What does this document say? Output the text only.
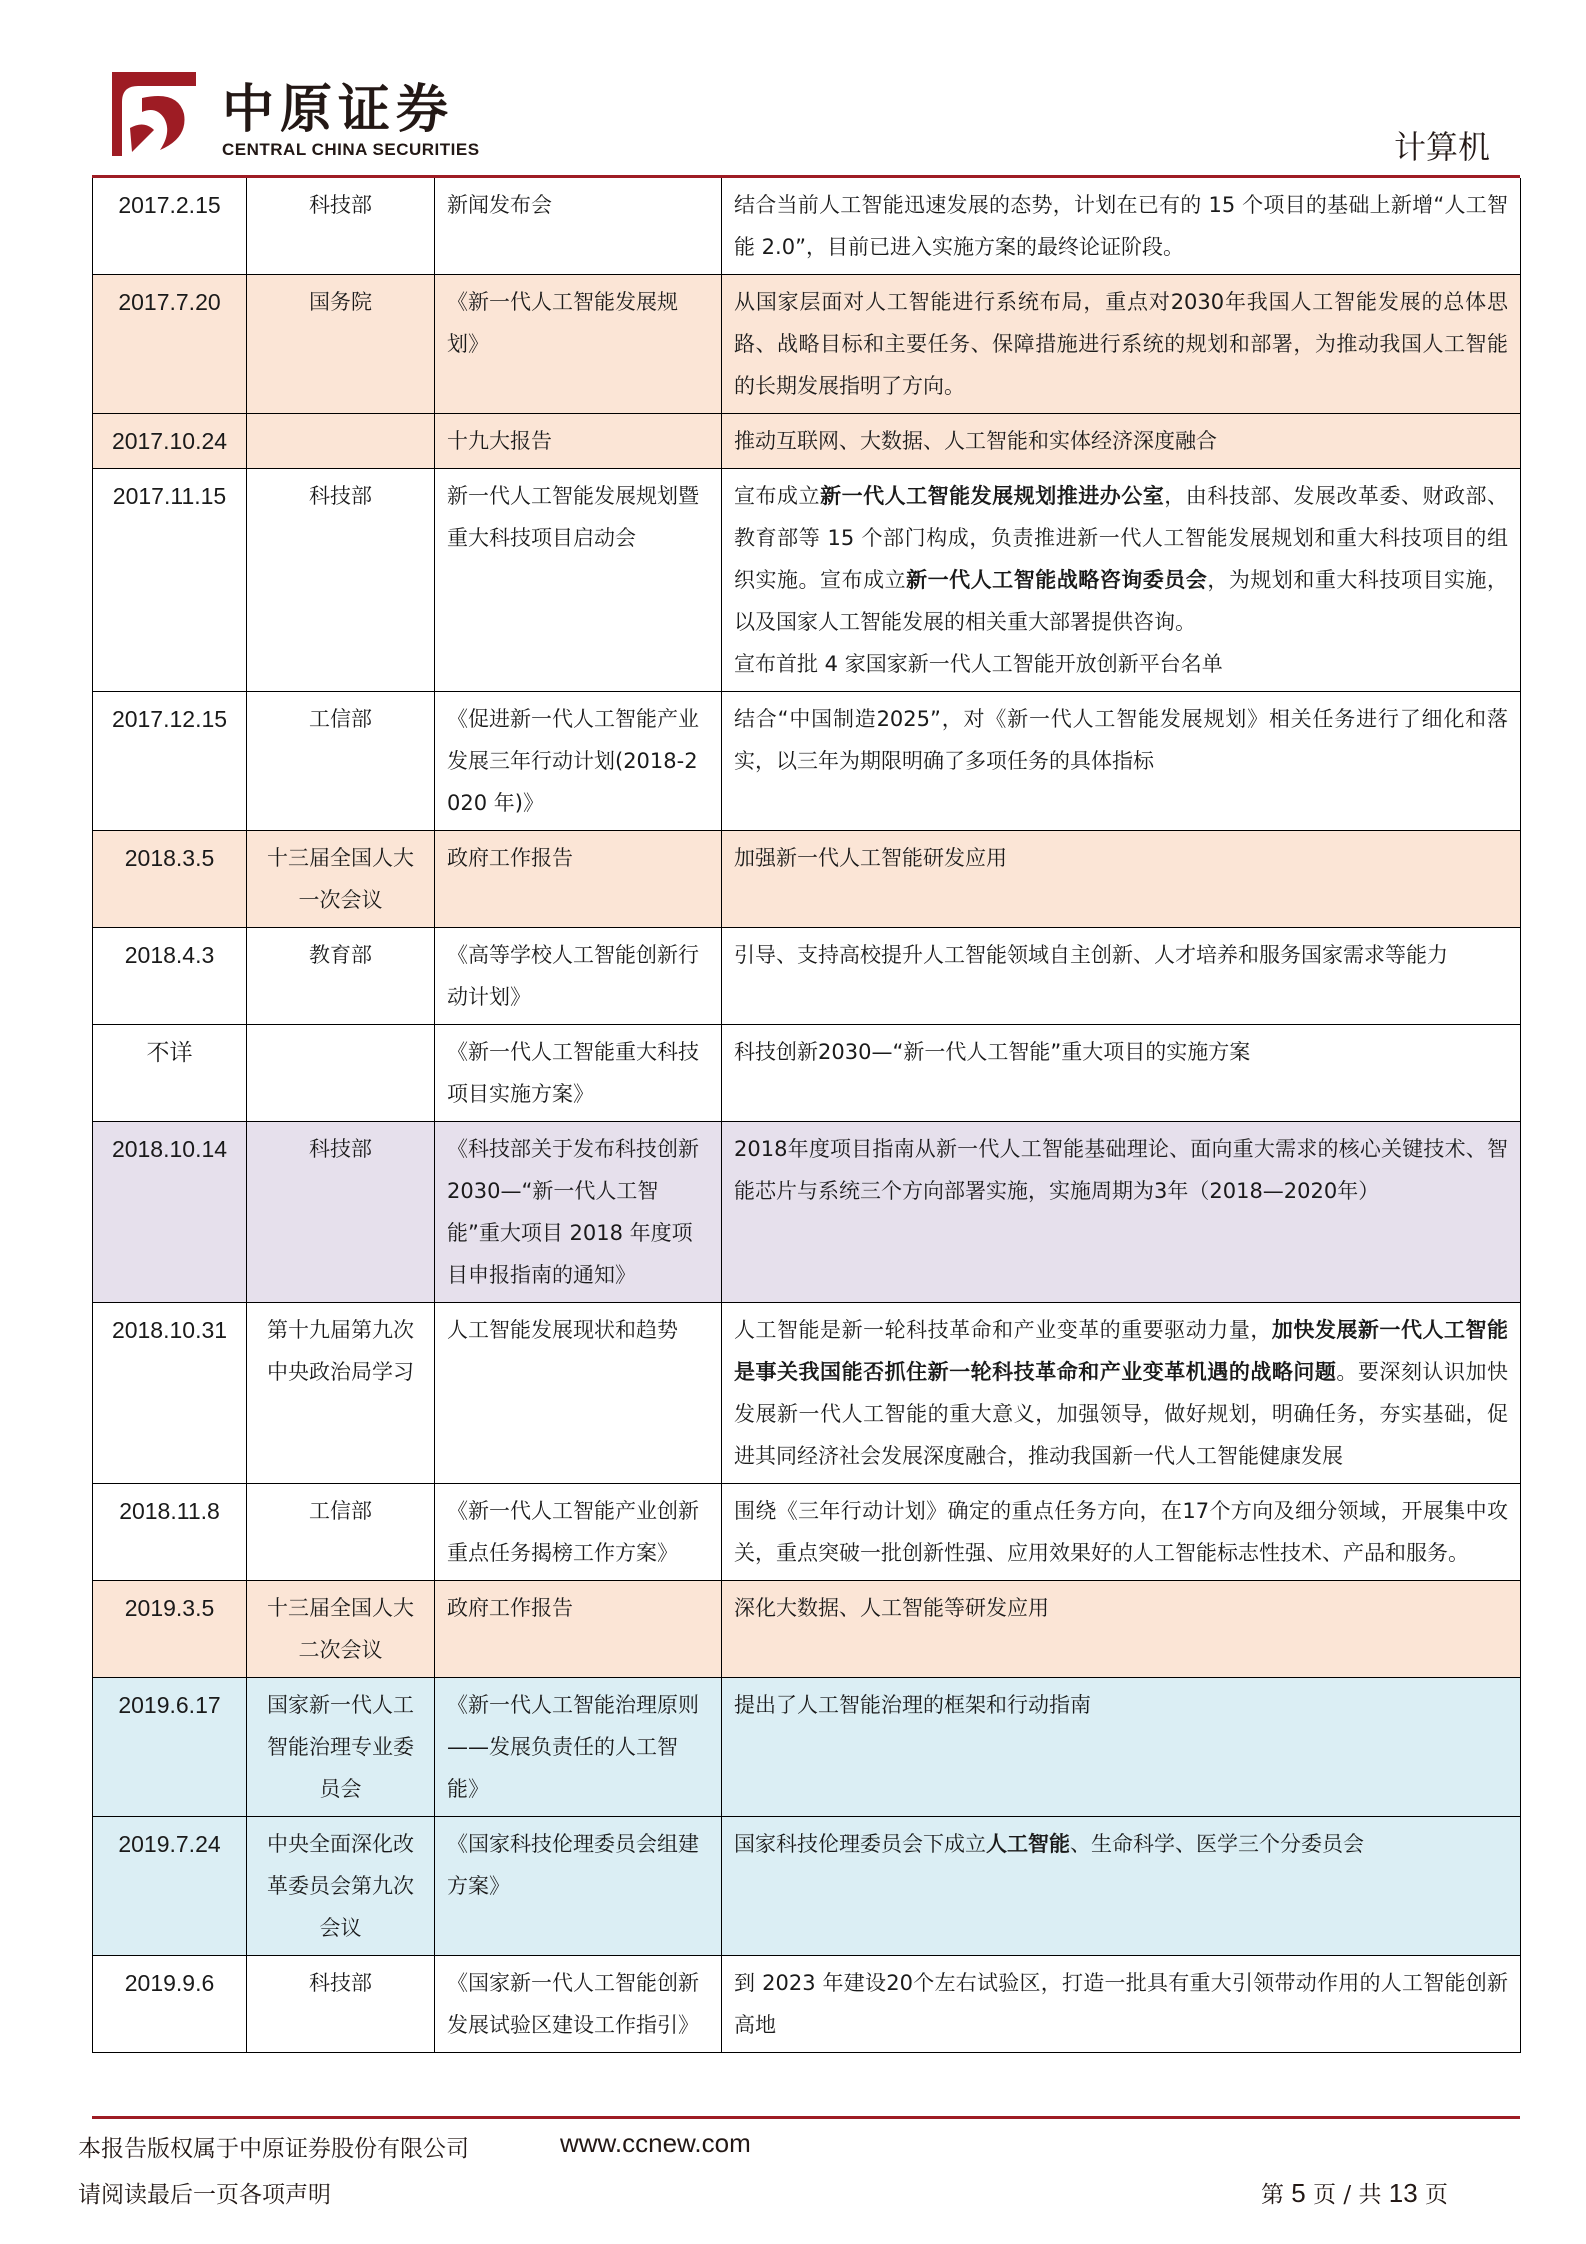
中原证券
CENTRAL CHINA SECURITIES	计算机
2017.2.15	科技部	新闻发布会	结合当前人工智能迅速发展的态势，计划在已有的 15 个项目的基础上新增“人工智能 2.0”，目前已进入实施方案的最终论证阶段。

2017.7.20	国务院	《新一代人工智能发展规划》	从国家层面对人工智能进行系统布局，重点对2030年我国人工智能发展的总体思路、战略目标和主要任务、保障措施进行系统的规划和部署，为推动我国人工智能的长期发展指明了方向。

2017.10.24		十九大报告	推动互联网、大数据、人工智能和实体经济深度融合

2017.11.15	科技部	新一代人工智能发展规划暨重大科技项目启动会	宣布成立新一代人工智能发展规划推进办公室，由科技部、发展改革委、财政部、教育部等 15 个部门构成，负责推进新一代人工智能发展规划和重大科技项目的组织实施。宣布成立新一代人工智能战略咨询委员会，为规划和重大科技项目实施，以及国家人工智能发展的相关重大部署提供咨询。
宣布首批 4 家国家新一代人工智能开放创新平台名单

2017.12.15	工信部	《促进新一代人工智能产业发展三年行动计划(2018-2020 年)》	结合“中国制造2025”，对《新一代人工智能发展规划》相关任务进行了细化和落实，以三年为期限明确了多项任务的具体指标

2018.3.5	十三届全国人大一次会议	政府工作报告	加强新一代人工智能研发应用

2018.4.3	教育部	《高等学校人工智能创新行动计划》	引导、支持高校提升人工智能领域自主创新、人才培养和服务国家需求等能力

不详		《新一代人工智能重大科技项目实施方案》	科技创新2030—“新一代人工智能”重大项目的实施方案

2018.10.14	科技部	《科技部关于发布科技创新 2030—“新一代人工智能”重大项目 2018 年度项目申报指南的通知》	2018年度项目指南从新一代人工智能基础理论、面向重大需求的核心关键技术、智能芯片与系统三个方向部署实施，实施周期为3年（2018—2020年）

2018.10.31	第十九届第九次中央政治局学习	人工智能发展现状和趋势	人工智能是新一轮科技革命和产业变革的重要驱动力量，加快发展新一代人工智能是事关我国能否抓住新一轮科技革命和产业变革机遇的战略问题。要深刻认识加快发展新一代人工智能的重大意义，加强领导，做好规划，明确任务，夯实基础，促进其同经济社会发展深度融合，推动我国新一代人工智能健康发展

2018.11.8	工信部	《新一代人工智能产业创新重点任务揭榜工作方案》	围绕《三年行动计划》确定的重点任务方向，在17个方向及细分领域，开展集中攻关，重点突破一批创新性强、应用效果好的人工智能标志性技术、产品和服务。

2019.3.5	十三届全国人大二次会议	政府工作报告	深化大数据、人工智能等研发应用

2019.6.17	国家新一代人工智能治理专业委员会	《新一代人工智能治理原则——发展负责任的人工智能》	提出了人工智能治理的框架和行动指南

2019.7.24	中央全面深化改革委员会第九次会议	《国家科技伦理委员会组建方案》	国家科技伦理委员会下成立人工智能、生命科学、医学三个分委员会

2019.9.6	科技部	《国家新一代人工智能创新发展试验区建设工作指引》	到 2023 年建设20个左右试验区，打造一批具有重大引领带动作用的人工智能创新高地
本报告版权属于中原证券股份有限公司	www.ccnew.com
请阅读最后一页各项声明	第 5 页 / 共 13 页
